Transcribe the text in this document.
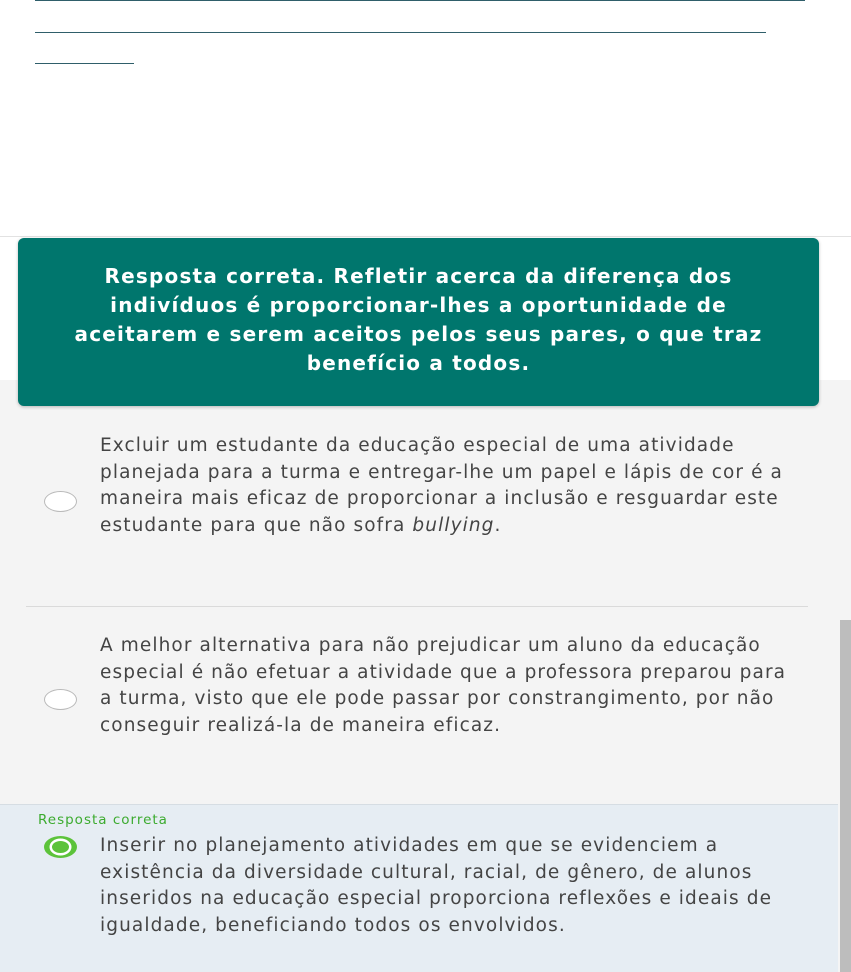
Resposta correta. Refletir acerca da diferença dos indivíduos é proporcionar-lhes a oportunidade de aceitarem e serem aceitos pelos seus pares, o que traz benefício a todos.
Excluir um estudante da educação especial de uma atividade planejada para a turma e entregar-lhe um papel e lápis de cor é a maneira mais eficaz de proporcionar a inclusão e resguardar este estudante para que não sofra bullying.
A melhor alternativa para não prejudicar um aluno da educação especial é não efetuar a atividade que a professora preparou para a turma, visto que ele pode passar por constrangimento, por não conseguir realizá-la de maneira eficaz.
Resposta correta
Inserir no planejamento atividades em que se evidenciem a existência da diversidade cultural, racial, de gênero, de alunos inseridos na educação especial proporciona reflexões e ideais de igualdade, beneficiando todos os envolvidos.
